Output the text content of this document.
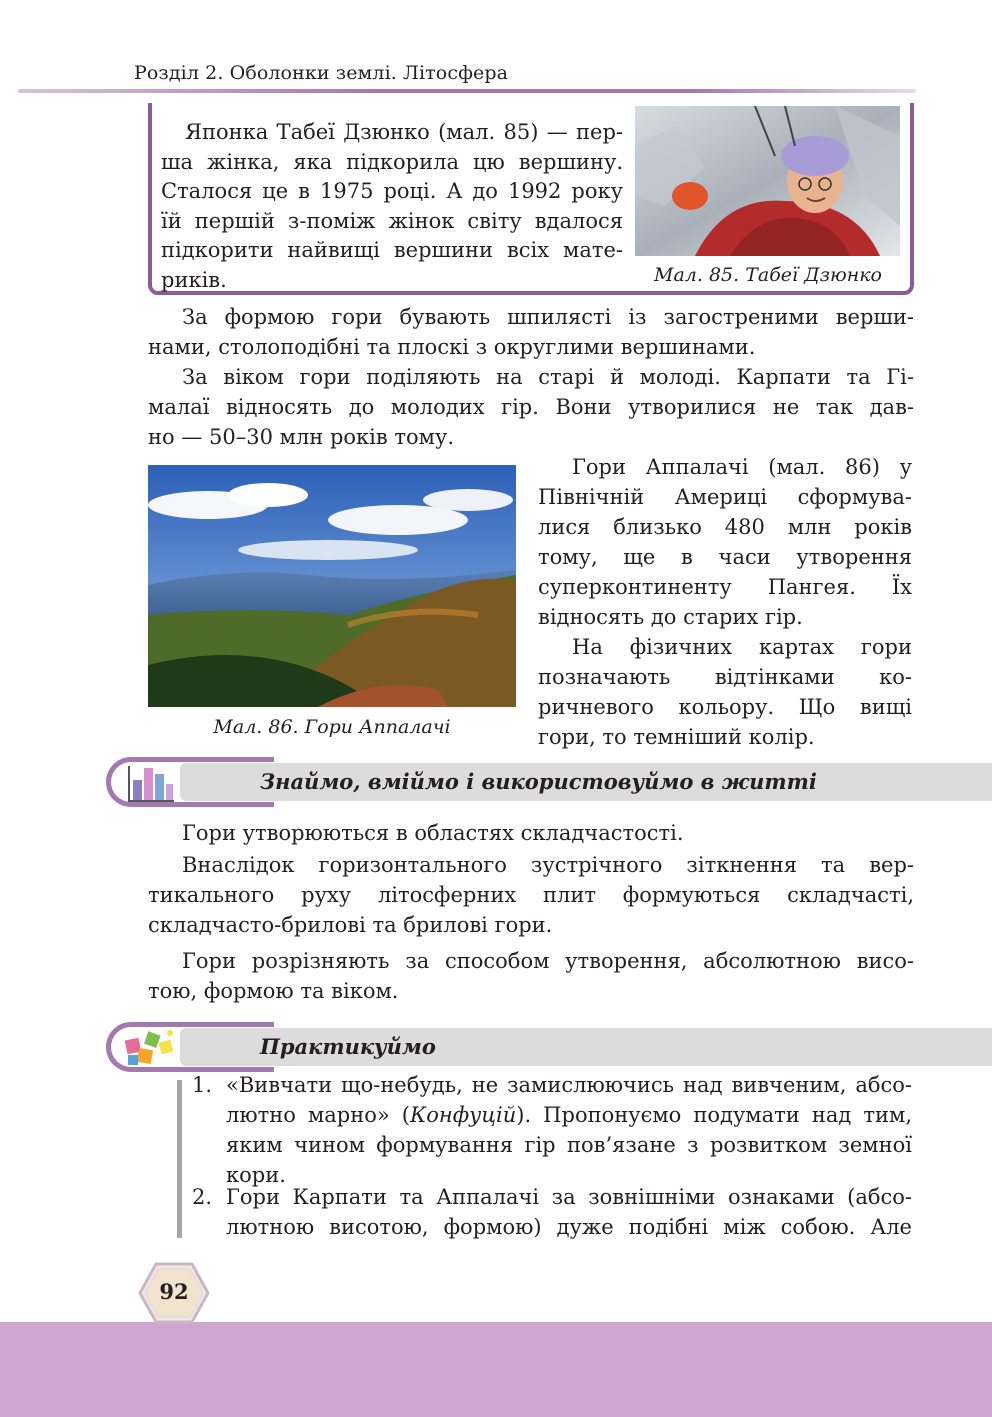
Розділ 2. Оболонки землі. Літосфера
Японка Табеї Дзюнко (мал. 85) — пер-
ша жінка, яка підкорила цю вершину.
Сталося це в 1975 році. А до 1992 року
їй першій з-поміж жінок світу вдалося
підкорити найвищі вершини всіх мате-
риків.	Мал. 85. Табеї Дзюнко
За формою гори бувають шпилясті із загостреними верши-
нами, столоподібні та плоскі з округлими вершинами.
За віком гори поділяють на старі й молоді. Карпати та Гі-
малаї відносять до молодих гір. Вони утворилися не так дав-
но — 50–30 млн років тому.
Мал. 86. Гори Аппалачі
Гори Аппалачі (мал. 86) у
Північній Америці сформува-
лися близько 480 млн років
тому, ще в часи утворення
суперконтиненту Пангея. Їх
відносять до старих гір.
На фізичних картах гори
позначають відтінками ко-
ричневого кольору. Що вищі
гори, то темніший колір.
Знаймо, вміймо і використовуймо в житті
Гори утворюються в областях складчастості.
Внаслідок горизонтального зустрічного зіткнення та вер-
тикального руху літосферних плит формуються складчасті,
складчасто-брилові та брилові гори.
Гори розрізняють за способом утворення, абсолютною висо-
тою, формою та віком.
Практикуймо
1. «Вивчати що-небудь, не замислюючись над вивченим, абсо-
лютно марно» (Конфуцій). Пропонуємо подумати над тим,
яким чином формування гір пов’язане з розвитком земної
кори.
2. Гори Карпати та Аппалачі за зовнішніми ознаками (абсо-
лютною висотою, формою) дуже подібні між собою. Але
92
